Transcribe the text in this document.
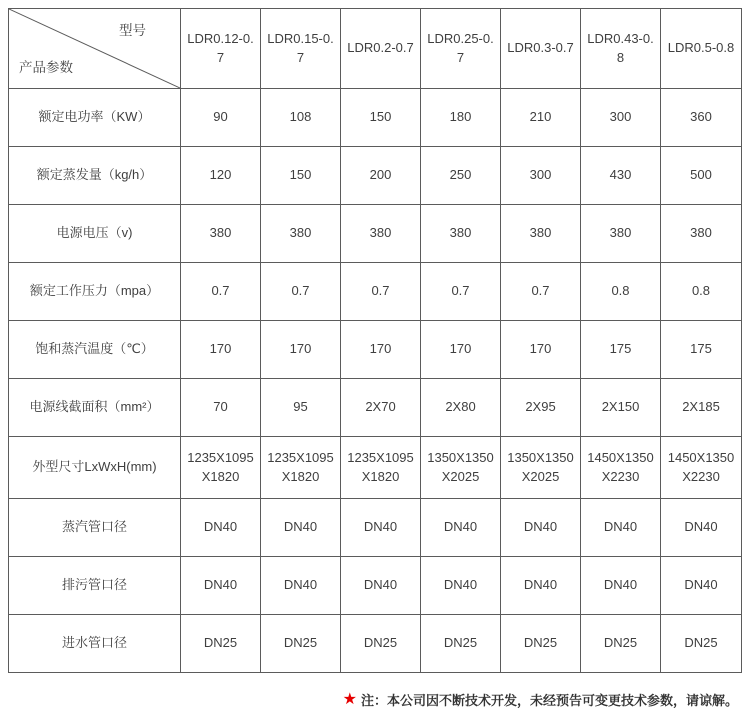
型号
产品参数	LDR0.12-0.7	LDR0.15-0.7	LDR0.2-0.7	LDR0.25-0.7	LDR0.3-0.7	LDR0.43-0.8	LDR0.5-0.8
额定电功率（KW）	90	108	150	180	210	300	360
额定蒸发量（kg/h）	120	150	200	250	300	430	500
电源电压（v)	380	380	380	380	380	380	380
额定工作压力（mpa）	0.7	0.7	0.7	0.7	0.7	0.8	0.8
饱和蒸汽温度（℃）	170	170	170	170	170	175	175
电源线截面积（mm²）	70	95	2X70	2X80	2X95	2X150	2X185
外型尺寸LxWxH(mm)	1235X1095X1820	1235X1095X1820	1235X1095X1820	1350X1350X2025	1350X1350X2025	1450X1350X2230	1450X1350X2230
蒸汽管口径	DN40	DN40	DN40	DN40	DN40	DN40	DN40
排污管口径	DN40	DN40	DN40	DN40	DN40	DN40	DN40
进水管口径	DN25	DN25	DN25	DN25	DN25	DN25	DN25
★ 注：本公司因不断技术开发，未经预告可变更技术参数，请谅解。
